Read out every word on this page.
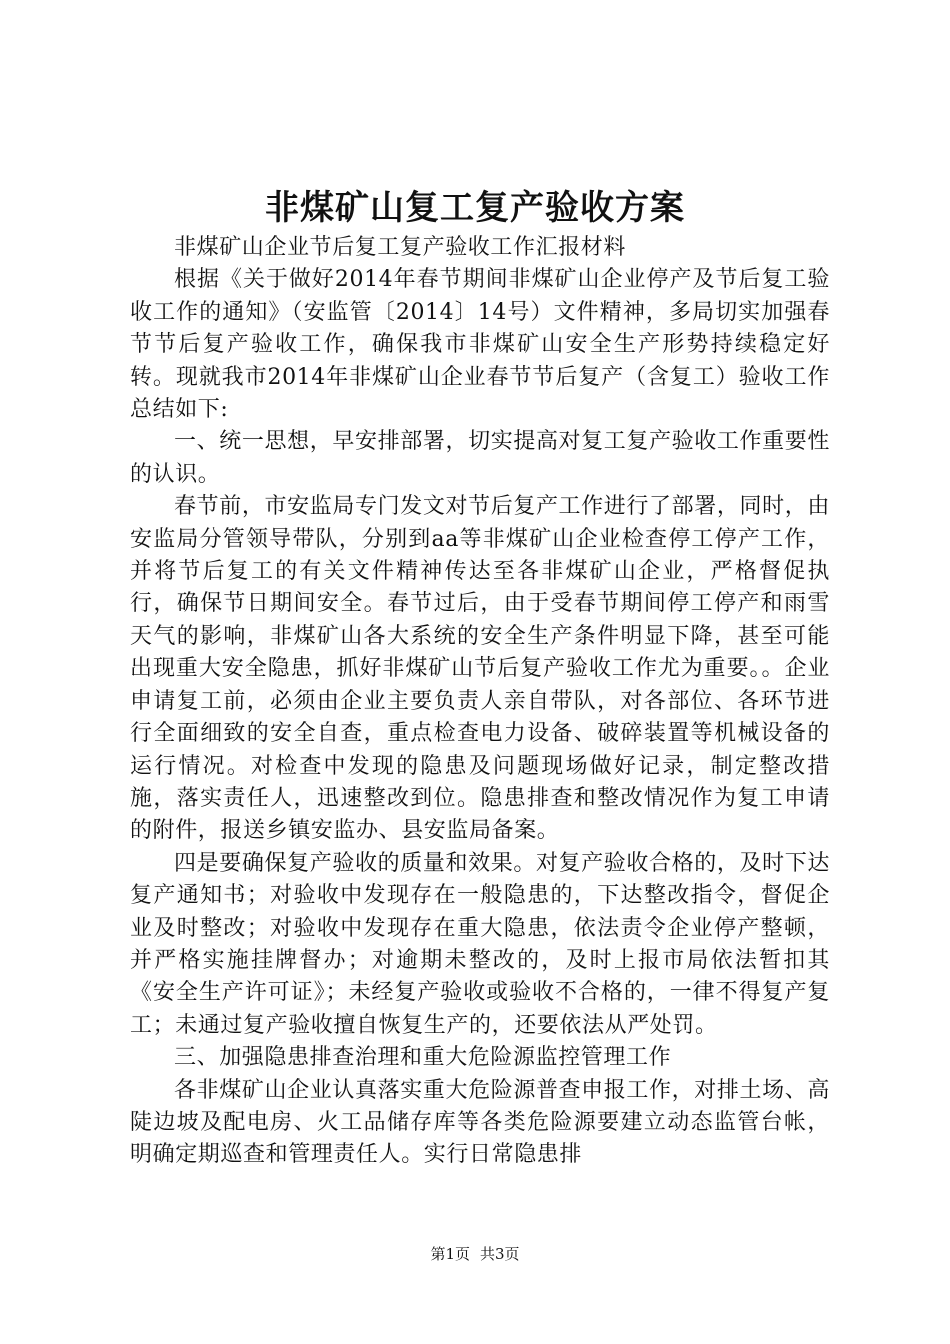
非煤矿山复工复产验收方案

非煤矿山企业节后复工复产验收工作汇报材料

根据《关于做好2014年春节期间非煤矿山企业停产及节后复工验收工作的通知》（安监管〔2014〕14号）文件精神，多局切实加强春节节后复产验收工作，确保我市非煤矿山安全生产形势持续稳定好转。现就我市2014年非煤矿山企业春节节后复产（含复工）验收工作总结如下:

一、统一思想，早安排部署，切实提高对复工复产验收工作重要性的认识。

春节前，市安监局专门发文对节后复产工作进行了部署，同时，由安监局分管领导带队，分别到aa等非煤矿山企业检查停工停产工作，并将节后复工的有关文件精神传达至各非煤矿山企业，严格督促执行，确保节日期间安全。春节过后，由于受春节期间停工停产和雨雪天气的影响，非煤矿山各大系统的安全生产条件明显下降，甚至可能出现重大安全隐患，抓好非煤矿山节后复产验收工作尤为重要。。企业申请复工前，必须由企业主要负责人亲自带队，对各部位、各环节进行全面细致的安全自查，重点检查电力设备、破碎装置等机械设备的运行情况。对检查中发现的隐患及问题现场做好记录，制定整改措施，落实责任人，迅速整改到位。隐患排查和整改情况作为复工申请的附件，报送乡镇安监办、县安监局备案。

四是要确保复产验收的质量和效果。对复产验收合格的，及时下达复产通知书；对验收中发现存在一般隐患的，下达整改指令，督促企业及时整改；对验收中发现存在重大隐患，依法责令企业停产整顿，并严格实施挂牌督办；对逾期未整改的，及时上报市局依法暂扣其《安全生产许可证》；未经复产验收或验收不合格的，一律不得复产复工；未通过复产验收擅自恢复生产的，还要依法从严处罚。

三、加强隐患排查治理和重大危险源监控管理工作

各非煤矿山企业认真落实重大危险源普查申报工作，对排土场、高陡边坡及配电房、火工品储存库等各类危险源要建立动态监管台帐，明确定期巡查和管理责任人。实行日常隐患排

第1页 共3页
